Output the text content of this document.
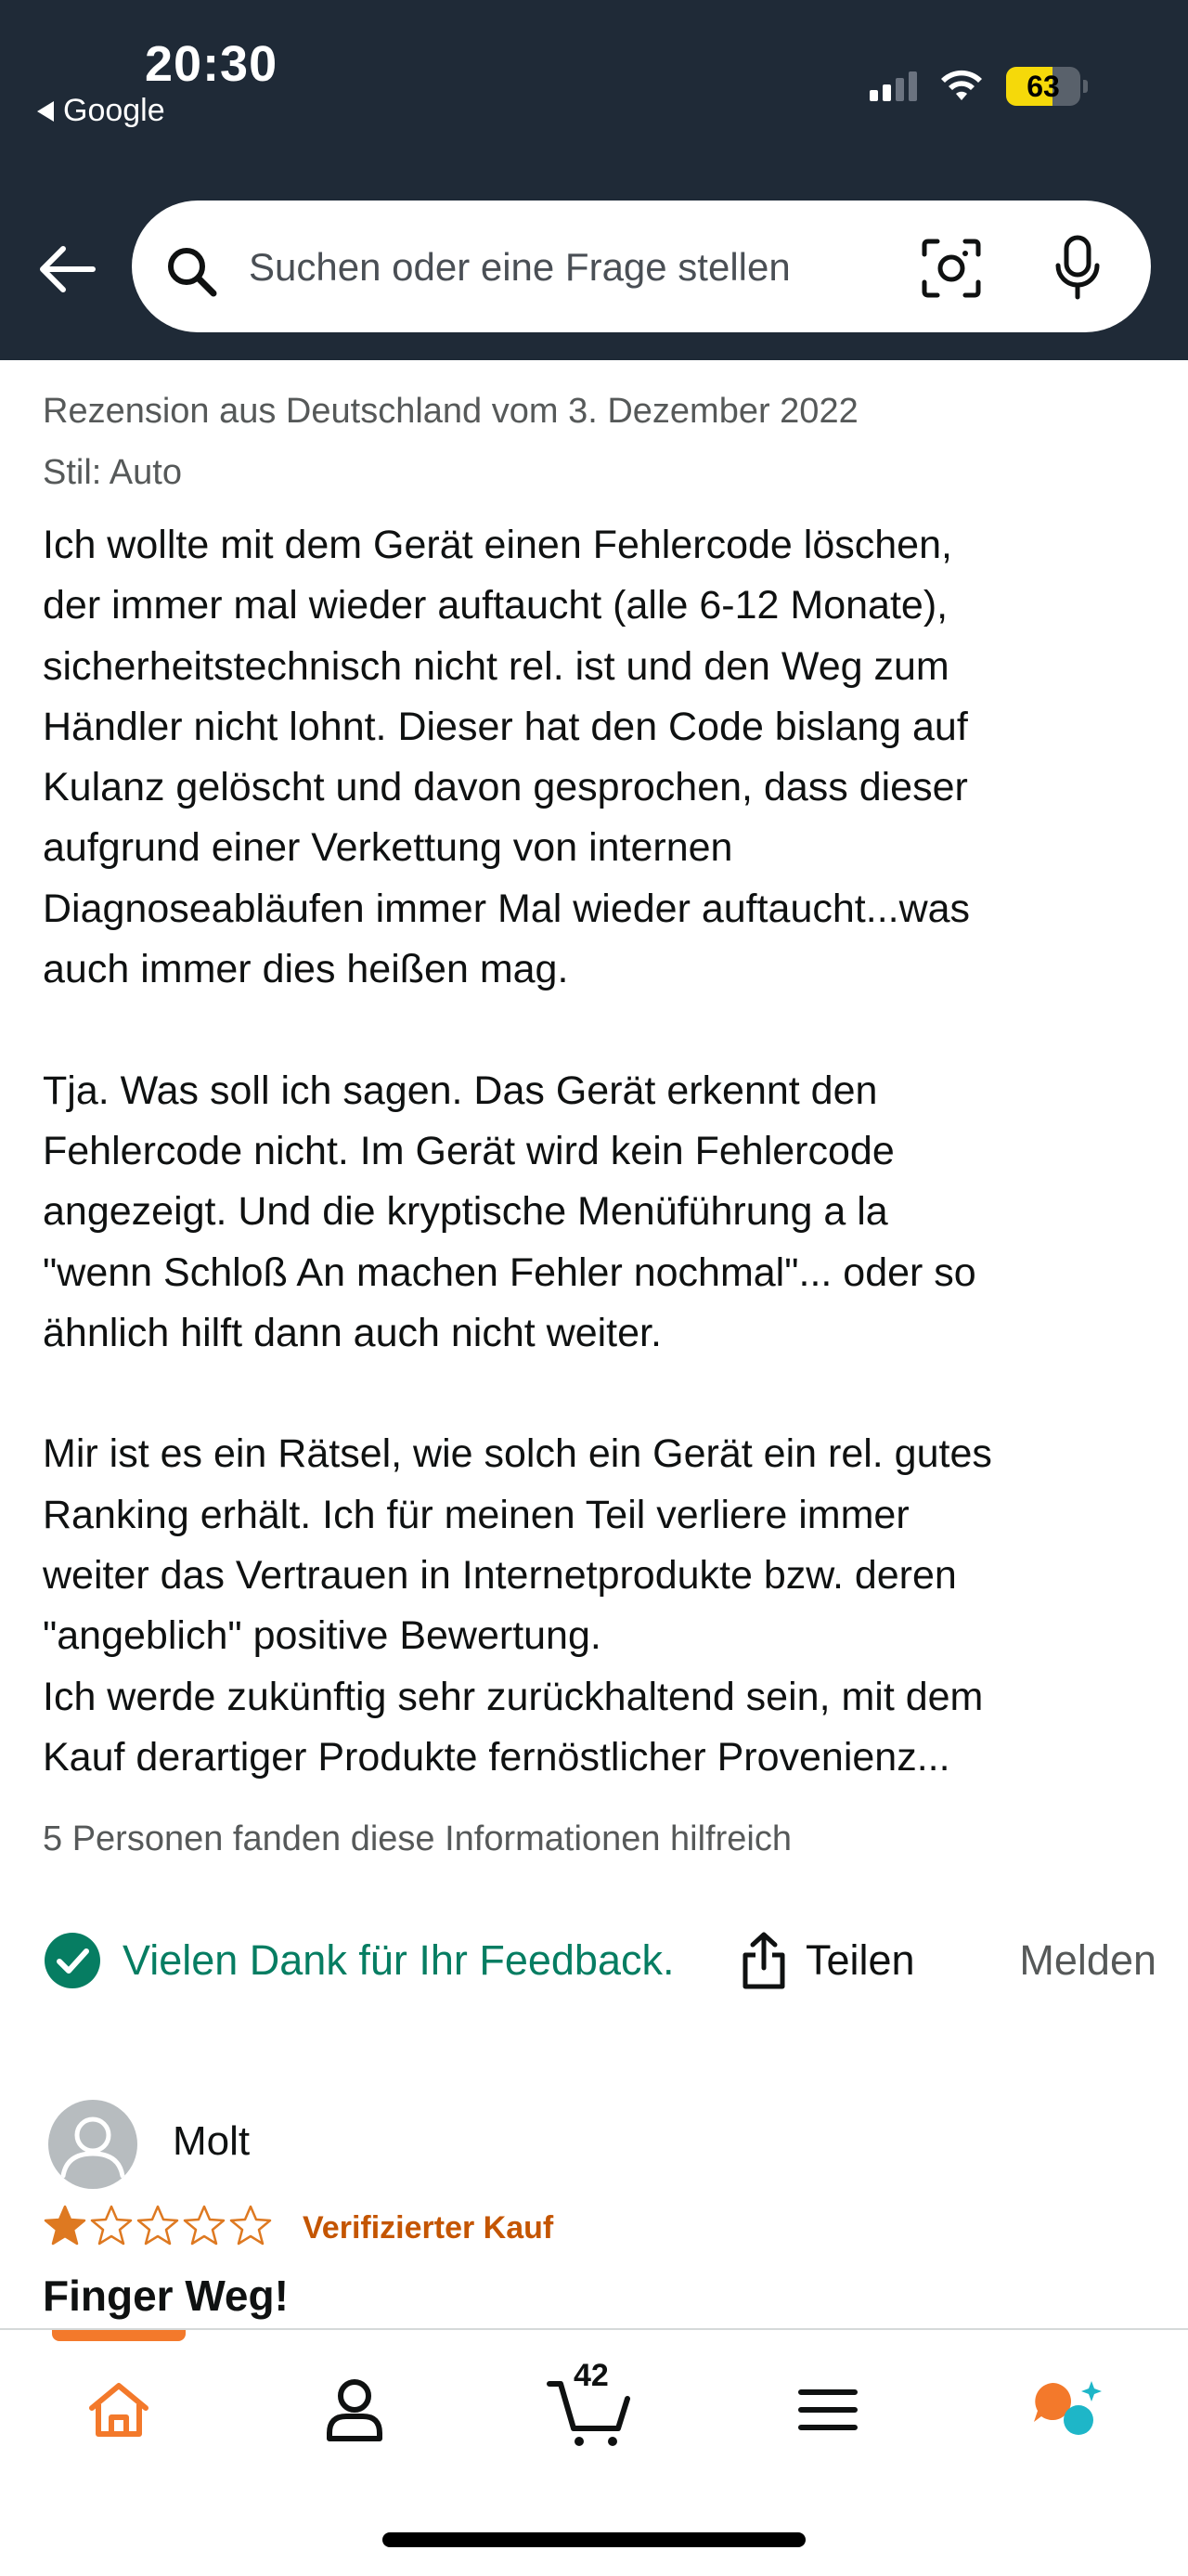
20:30
Google
63
Suchen oder eine Frage stellen
Rezension aus Deutschland vom 3. Dezember 2022
Stil: Auto

Ich wollte mit dem Gerät einen Fehlercode löschen,

der immer mal wieder auftaucht (alle 6-12 Monate),

sicherheitstechnisch nicht rel. ist und den Weg zum

Händler nicht lohnt. Dieser hat den Code bislang auf

Kulanz gelöscht und davon gesprochen, dass dieser

aufgrund einer Verkettung von internen

Diagnoseabläufen immer Mal wieder auftaucht...was

auch immer dies heißen mag.

Tja. Was soll ich sagen. Das Gerät erkennt den

Fehlercode nicht. Im Gerät wird kein Fehlercode

angezeigt. Und die kryptische Menüführung a la

"wenn Schloß An machen Fehler nochmal"... oder so

ähnlich hilft dann auch nicht weiter.

Mir ist es ein Rätsel, wie solch ein Gerät ein rel. gutes

Ranking erhält. Ich für meinen Teil verliere immer

weiter das Vertrauen in Internetprodukte bzw. deren

"angeblich" positive Bewertung.

Ich werde zukünftig sehr zurückhaltend sein, mit dem

Kauf derartiger Produkte fernöstlicher Provenienz...

5 Personen fanden diese Informationen hilfreich
Vielen Dank für Ihr Feedback.	Teilen	Melden
Molt
Verifizierter Kauf
Finger Weg!
42
